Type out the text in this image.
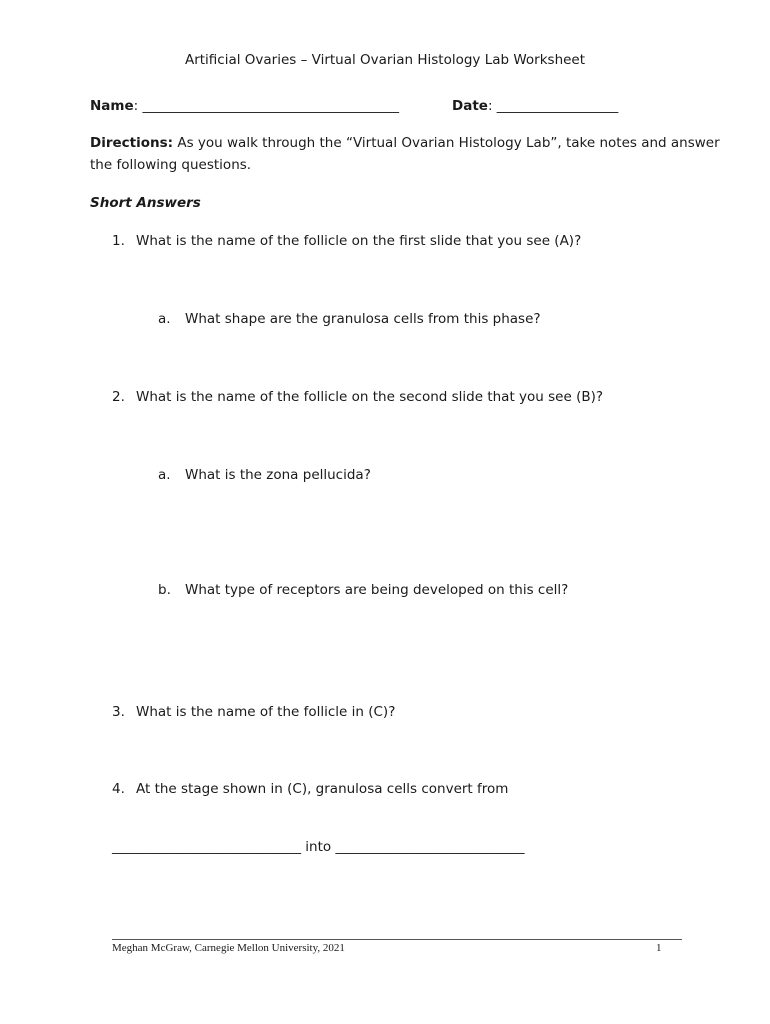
Artificial Ovaries – Virtual Ovarian Histology Lab Worksheet
Name: ______________________________________	Date: __________________
Directions: As you walk through the “Virtual Ovarian Histology Lab”, take notes and answer
the following questions.
Short Answers
1. What is the name of the follicle on the first slide that you see (A)?
a. What shape are the granulosa cells from this phase?
2. What is the name of the follicle on the second slide that you see (B)?
a. What is the zona pellucida?
b. What type of receptors are being developed on this cell?
3. What is the name of the follicle in (C)?
4. At the stage shown in (C), granulosa cells convert from
____________________________ into ____________________________
Meghan McGraw, Carnegie Mellon University, 2021	1
